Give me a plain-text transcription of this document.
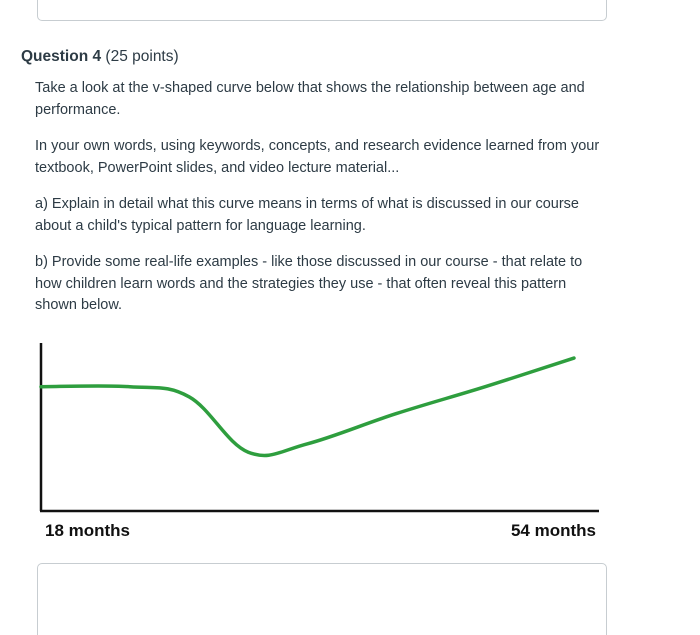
Question 4 (25 points)

Take a look at the v-shaped curve below that shows the relationship between age and performance.

In your own words, using keywords, concepts, and research evidence learned from your textbook, PowerPoint slides, and video lecture material...

a) Explain in detail what this curve means in terms of what is discussed in our course about a child's typical pattern for language learning.

b) Provide some real-life examples - like those discussed in our course - that relate to how children learn words and the strategies they use - that often reveal this pattern shown below.

18 months	54 months
